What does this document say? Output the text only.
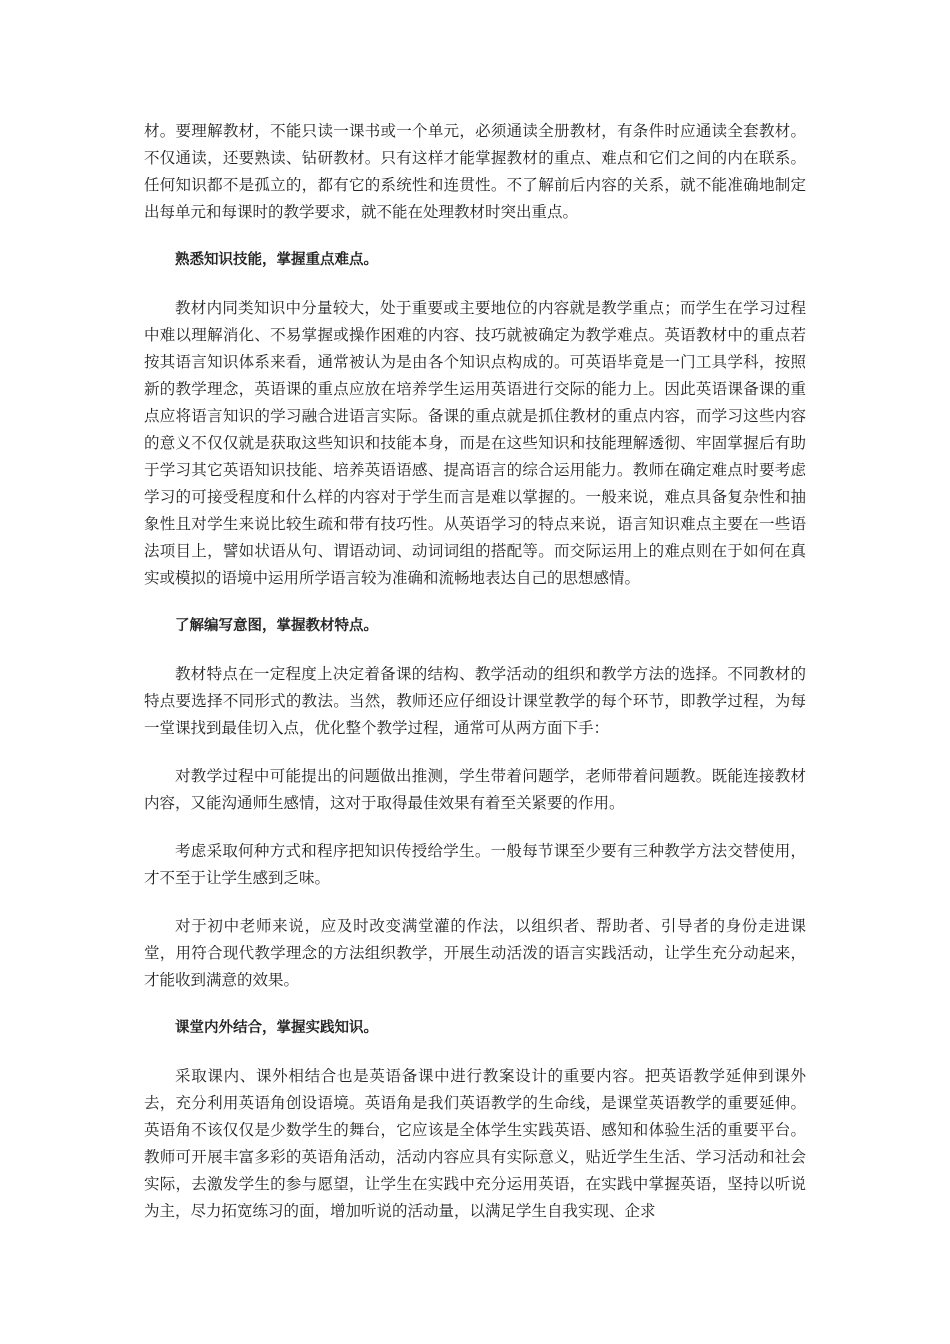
材。要理解教材，不能只读一课书或一个单元，必须通读全册教材，有条件时应通读全套教材。不仅通读，还要熟读、钻研教材。只有这样才能掌握教材的重点、难点和它们之间的内在联系。任何知识都不是孤立的，都有它的系统性和连贯性。不了解前后内容的关系，就不能准确地制定出每单元和每课时的教学要求，就不能在处理教材时突出重点。

熟悉知识技能，掌握重点难点。

教材内同类知识中分量较大，处于重要或主要地位的内容就是教学重点；而学生在学习过程中难以理解消化、不易掌握或操作困难的内容、技巧就被确定为教学难点。英语教材中的重点若按其语言知识体系来看，通常被认为是由各个知识点构成的。可英语毕竟是一门工具学科，按照新的教学理念，英语课的重点应放在培养学生运用英语进行交际的能力上。因此英语课备课的重点应将语言知识的学习融合进语言实际。备课的重点就是抓住教材的重点内容，而学习这些内容的意义不仅仅就是获取这些知识和技能本身，而是在这些知识和技能理解透彻、牢固掌握后有助于学习其它英语知识技能、培养英语语感、提高语言的综合运用能力。教师在确定难点时要考虑学习的可接受程度和什么样的内容对于学生而言是难以掌握的。一般来说，难点具备复杂性和抽象性且对学生来说比较生疏和带有技巧性。从英语学习的特点来说，语言知识难点主要在一些语法项目上，譬如状语从句、谓语动词、动词词组的搭配等。而交际运用上的难点则在于如何在真实或模拟的语境中运用所学语言较为准确和流畅地表达自己的思想感情。

了解编写意图，掌握教材特点。

教材特点在一定程度上决定着备课的结构、教学活动的组织和教学方法的选择。不同教材的特点要选择不同形式的教法。当然，教师还应仔细设计课堂教学的每个环节，即教学过程，为每一堂课找到最佳切入点，优化整个教学过程，通常可从两方面下手：

对教学过程中可能提出的问题做出推测，学生带着问题学，老师带着问题教。既能连接教材内容，又能沟通师生感情，这对于取得最佳效果有着至关紧要的作用。

考虑采取何种方式和程序把知识传授给学生。一般每节课至少要有三种教学方法交替使用，才不至于让学生感到乏味。

对于初中老师来说，应及时改变满堂灌的作法，以组织者、帮助者、引导者的身份走进课堂，用符合现代教学理念的方法组织教学，开展生动活泼的语言实践活动，让学生充分动起来，才能收到满意的效果。

课堂内外结合，掌握实践知识。

采取课内、课外相结合也是英语备课中进行教案设计的重要内容。把英语教学延伸到课外去，充分利用英语角创设语境。英语角是我们英语教学的生命线，是课堂英语教学的重要延伸。英语角不该仅仅是少数学生的舞台，它应该是全体学生实践英语、感知和体验生活的重要平台。教师可开展丰富多彩的英语角活动，活动内容应具有实际意义，贴近学生生活、学习活动和社会实际，去激发学生的参与愿望，让学生在实践中充分运用英语，在实践中掌握英语，坚持以听说为主，尽力拓宽练习的面，增加听说的活动量，以满足学生自我实现、企求
